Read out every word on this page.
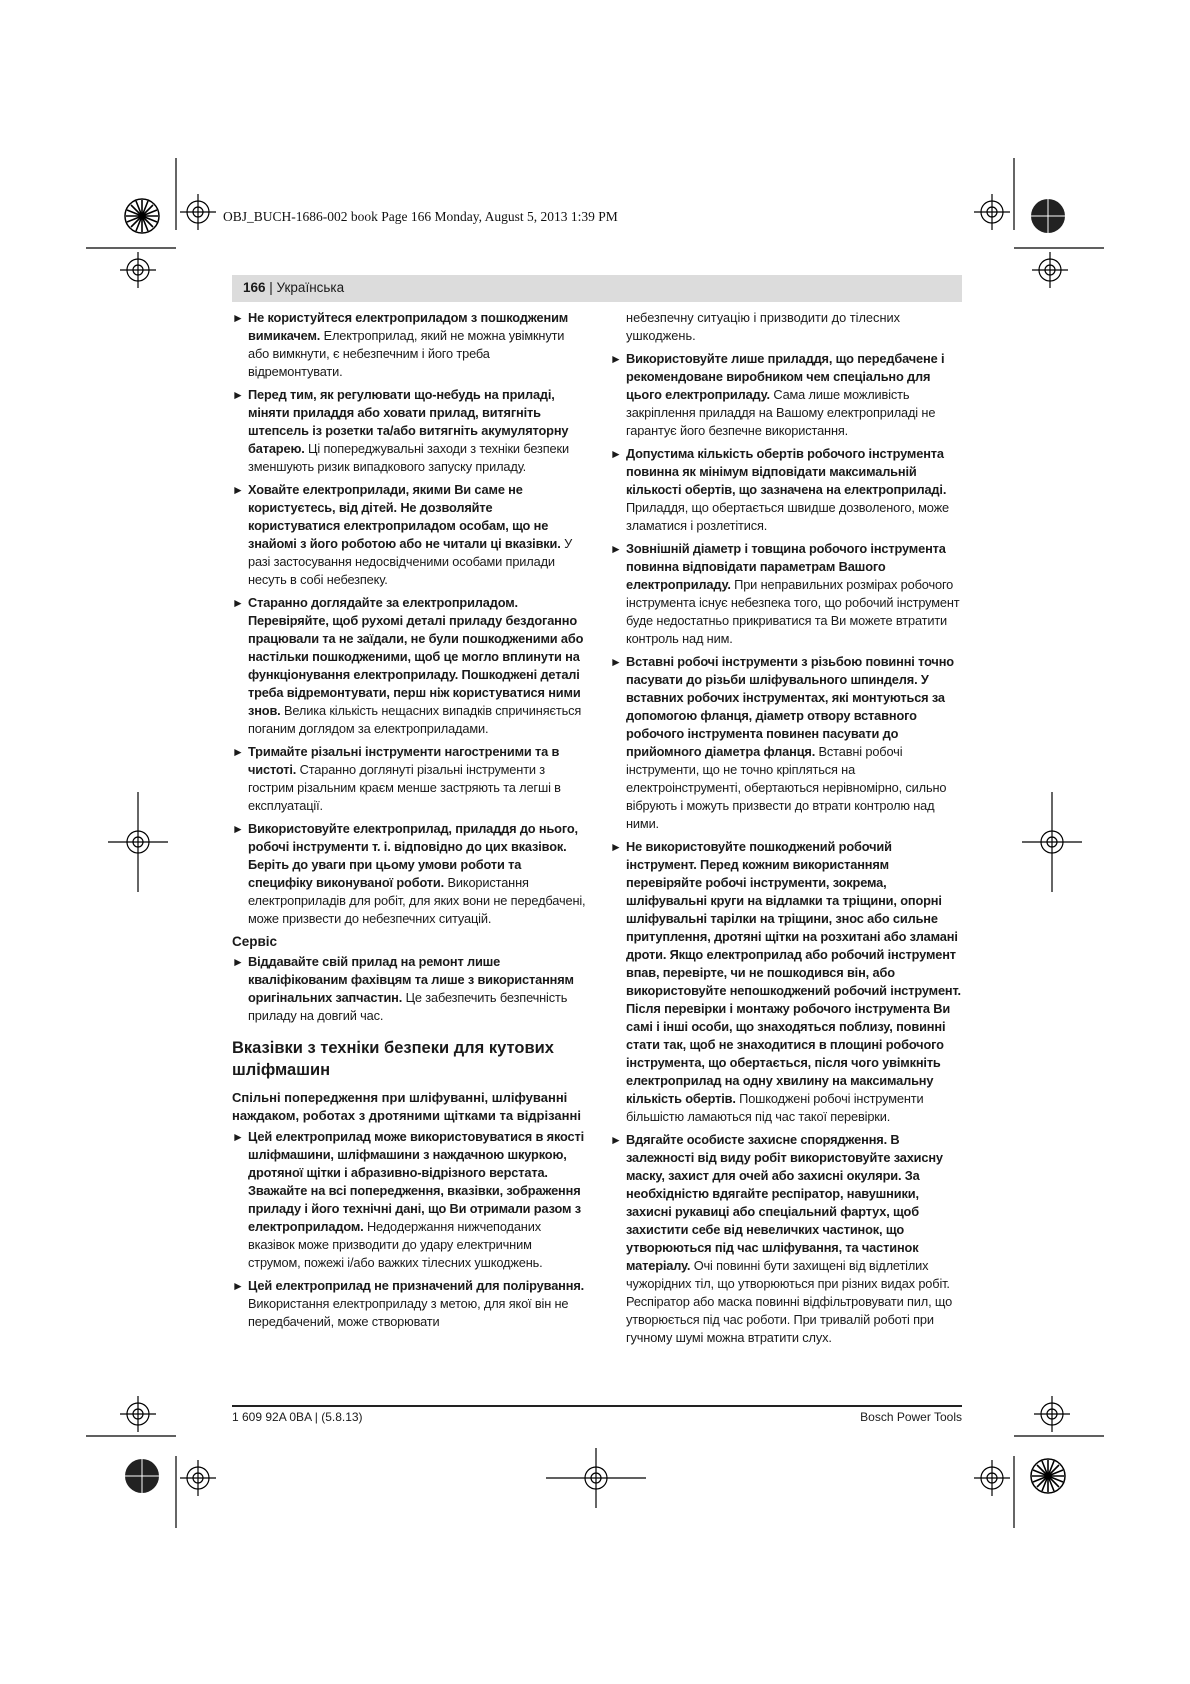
OBJ_BUCH-1686-002 book Page 166 Monday, August 5, 2013 1:39 PM
166 | Українська

► Не користуйтеся електроприладом з пошкодженим вимикачем. Електроприлад, який не можна увімкнути або вимкнути, є небезпечним і його треба відремонтувати.

► Перед тим, як регулювати що-небудь на приладі, міняти приладдя або ховати прилад, витягніть штепсель із розетки та/або витягніть акумуляторну батарею. Ці попереджувальні заходи з техніки безпеки зменшують ризик випадкового запуску приладу.

► Ховайте електроприлади, якими Ви саме не користуєтесь, від дітей. Не дозволяйте користуватися електроприладом особам, що не знайомі з його роботою або не читали ці вказівки. У разі застосування недосвідченими особами прилади несуть в собі небезпеку.

► Старанно доглядайте за електроприладом. Перевіряйте, щоб рухомі деталі приладу бездоганно працювали та не заїдали, не були пошкодженими або настільки пошкодженими, щоб це могло вплинути на функціонування електроприладу. Пошкоджені деталі треба відремонтувати, перш ніж користуватися ними знов. Велика кількість нещасних випадків спричиняється поганим доглядом за електроприладами.

► Тримайте різальні інструменти нагостреними та в чистоті. Старанно доглянуті різальні інструменти з гострим різальним краєм менше застряють та легші в експлуатації.

► Використовуйте електроприлад, приладдя до нього, робочі інструменти т. і. відповідно до цих вказівок. Беріть до уваги при цьому умови роботи та специфіку виконуваної роботи. Використання електроприладів для робіт, для яких вони не передбачені, може призвести до небезпечних ситуацій.

Сервіс

► Віддавайте свій прилад на ремонт лише кваліфікованим фахівцям та лише з використанням оригінальних запчастин. Це забезпечить безпечність приладу на довгий час.

Вказівки з техніки безпеки для кутових шліфмашин

Спільні попередження при шліфуванні, шліфуванні наждаком, роботах з дротяними щітками та відрізанні

► Цей електроприлад може використовуватися в якості шліфмашини, шліфмашини з наждачною шкуркою, дротяної щітки і абразивно-відрізного верстата. Зважайте на всі попередження, вказівки, зображення приладу і його технічні дані, що Ви отримали разом з електроприладом. Недодержання нижчеподаних вказівок може призводити до удару електричним струмом, пожежі і/або важких тілесних ушкоджень.

► Цей електроприлад не призначений для полірування. Використання електроприладу з метою, для якої він не передбачений, може створювати

небезпечну ситуацію і призводити до тілесних ушкоджень.

► Використовуйте лише приладдя, що передбачене і рекомендоване виробником чем спеціально для цього електроприладу. Сама лише можливість закріплення приладдя на Вашому електроприладі не гарантує його безпечне використання.

► Допустима кількість обертів робочого інструмента повинна як мінімум відповідати максимальній кількості обертів, що зазначена на електроприладі. Приладдя, що обертається швидше дозволеного, може зламатися і розлетітися.

► Зовнішній діаметр і товщина робочого інструмента повинна відповідати параметрам Вашого електроприладу. При неправильних розмірах робочого інструмента існує небезпека того, що робочий інструмент буде недостатньо прикриватися та Ви можете втратити контроль над ним.

► Вставні робочі інструменти з різьбою повинні точно пасувати до різьби шліфувального шпинделя. У вставних робочих інструментах, які монтуються за допомогою фланця, діаметр отвору вставного робочого інструмента повинен пасувати до прийомного діаметра фланця. Вставні робочі інструменти, що не точно кріпляться на електроінструменті, обертаються нерівномірно, сильно вібрують і можуть призвести до втрати контролю над ними.

► Не використовуйте пошкоджений робочий інструмент. Перед кожним використанням перевіряйте робочі інструменти, зокрема, шліфувальні круги на відламки та тріщини, опорні шліфувальні тарілки на тріщини, знос або сильне притуплення, дротяні щітки на розхитані або зламані дроти. Якщо електроприлад або робочий інструмент впав, перевірте, чи не пошкодився він, або використовуйте непошкоджений робочий інструмент. Після перевірки і монтажу робочого інструмента Ви самі і інші особи, що знаходяться поблизу, повинні стати так, щоб не знаходитися в площині робочого інструмента, що обертається, після чого увімкніть електроприлад на одну хвилину на максимальну кількість обертів. Пошкоджені робочі інструменти більшістю ламаються під час такої перевірки.

► Вдягайте особисте захисне спорядження. В залежності від виду робіт використовуйте захисну маску, захист для очей або захисні окуляри. За необхідністю вдягайте респіратор, навушники, захисні рукавиці або спеціальний фартух, щоб захистити себе від невеличких частинок, що утворюються під час шліфування, та частинок матеріалу. Очі повинні бути захищені від відлетілих чужорідних тіл, що утворюються при різних видах робіт. Респіратор або маска повинні відфільтровувати пил, що утворюється під час роботи. При тривалій роботі при гучному шумі можна втратити слух.

1 609 92A 0BA | (5.8.13)	Bosch Power Tools
